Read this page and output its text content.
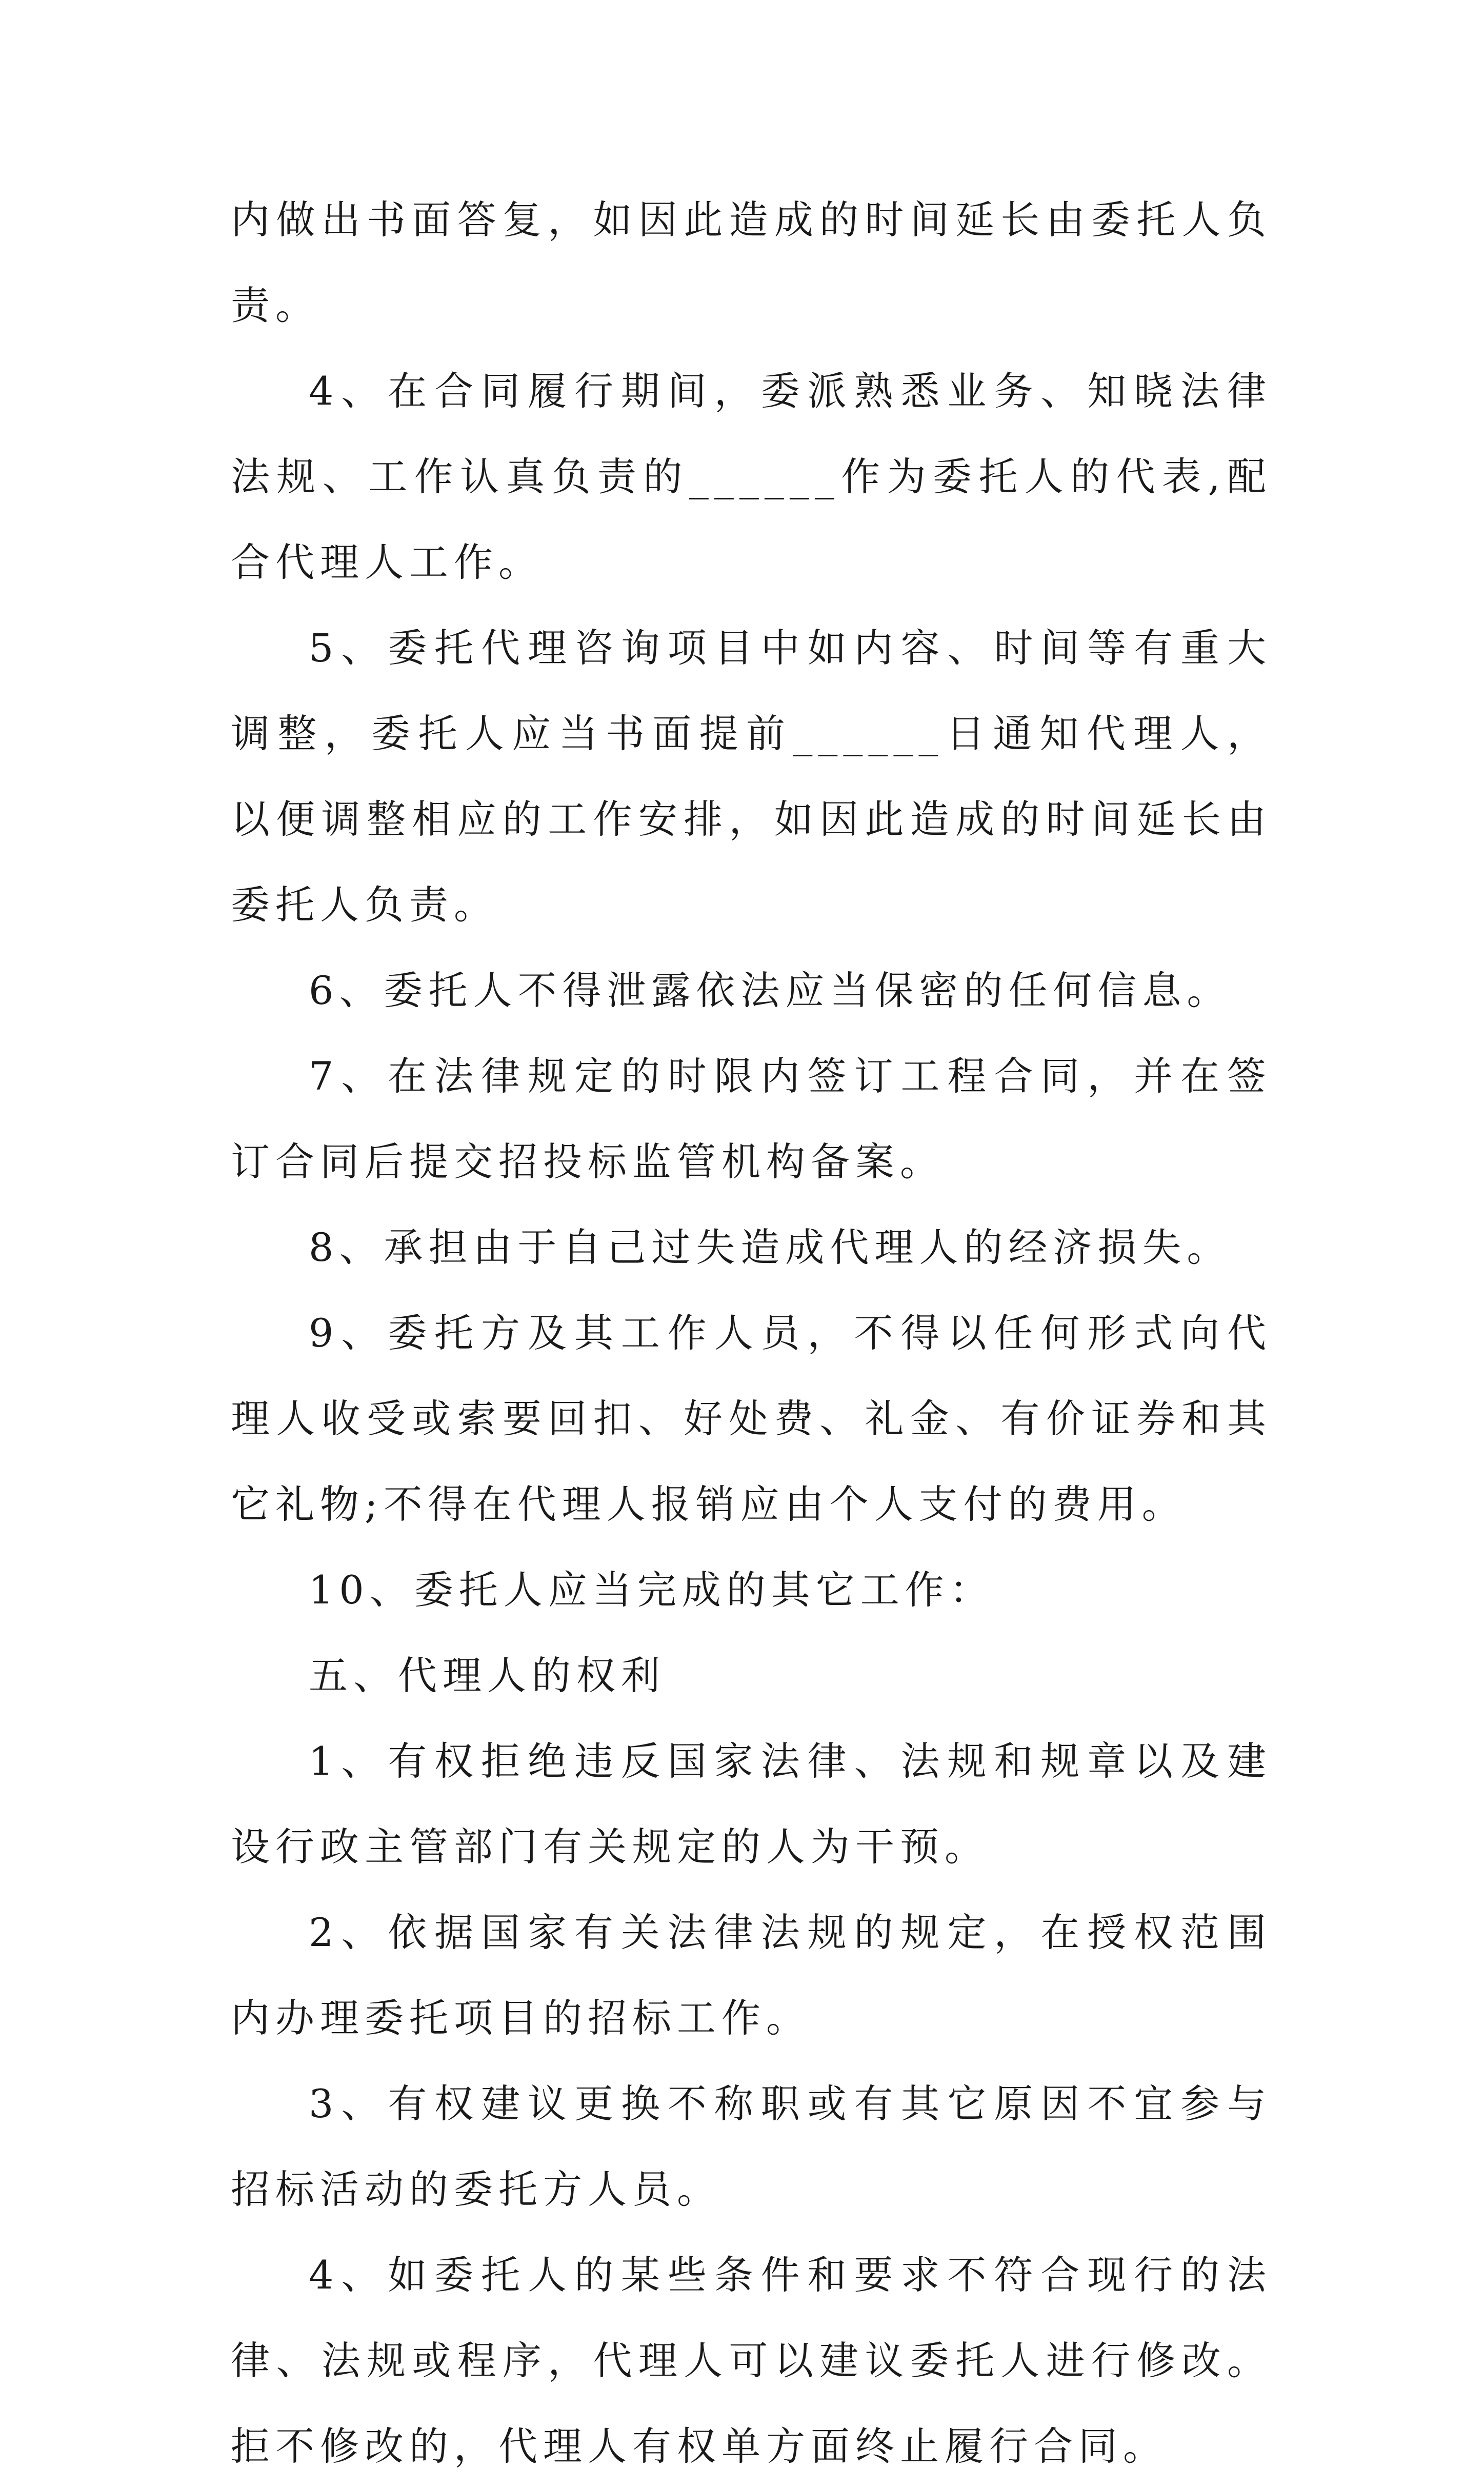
内做出书面答复，如因此造成的时间延长由委托人负责。

4、在合同履行期间，委派熟悉业务、知晓法律法规、工作认真负责的______作为委托人的代表,配合代理人工作。

5、委托代理咨询项目中如内容、时间等有重大调整，委托人应当书面提前______日通知代理人，以便调整相应的工作安排，如因此造成的时间延长由委托人负责。

6、委托人不得泄露依法应当保密的任何信息。

7、在法律规定的时限内签订工程合同，并在签订合同后提交招投标监管机构备案。

8、承担由于自己过失造成代理人的经济损失。

9、委托方及其工作人员，不得以任何形式向代理人收受或索要回扣、好处费、礼金、有价证券和其它礼物;不得在代理人报销应由个人支付的费用。

10、委托人应当完成的其它工作：

五、代理人的权利

1、有权拒绝违反国家法律、法规和规章以及建设行政主管部门有关规定的人为干预。

2、依据国家有关法律法规的规定，在授权范围内办理委托项目的招标工作。

3、有权建议更换不称职或有其它原因不宜参与招标活动的委托方人员。

4、如委托人的某些条件和要求不符合现行的法律、法规或程序，代理人可以建议委托人进行修改。拒不修改的，代理人有权单方面终止履行合同。
